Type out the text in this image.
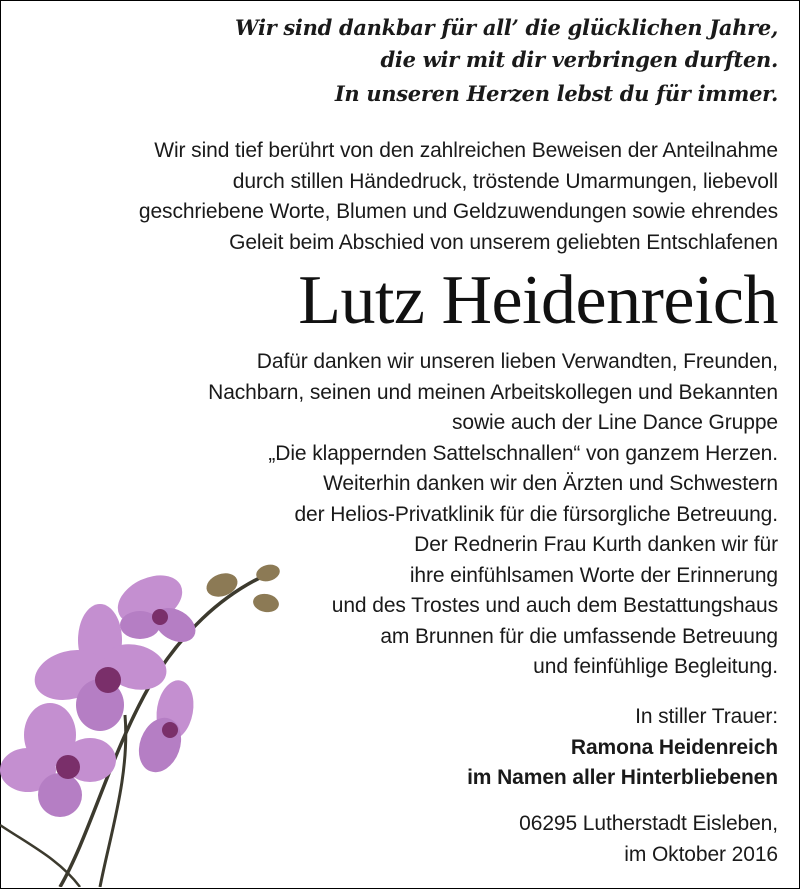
Wir sind dankbar für all’ die glücklichen Jahre,
die wir mit dir verbringen durften.
In unseren Herzen lebst du für immer.
Wir sind tief berührt von den zahlreichen Beweisen der Anteilnahme
durch stillen Händedruck, tröstende Umarmungen, liebevoll
geschriebene Worte, Blumen und Geldzuwendungen sowie ehrendes
Geleit beim Abschied von unserem geliebten Entschlafenen
Lutz Heidenreich
Dafür danken wir unseren lieben Verwandten, Freunden,
Nachbarn, seinen und meinen Arbeitskollegen und Bekannten
sowie auch der Line Dance Gruppe
„Die klappernden Sattelschnallen“ von ganzem Herzen.
Weiterhin danken wir den Ärzten und Schwestern
der Helios-Privatklinik für die fürsorgliche Betreuung.
Der Rednerin Frau Kurth danken wir für
ihre einfühlsamen Worte der Erinnerung
und des Trostes und auch dem Bestattungshaus
am Brunnen für die umfassende Betreuung
und feinfühlige Begleitung.
In stiller Trauer:
Ramona Heidenreich
im Namen aller Hinterbliebenen
06295 Lutherstadt Eisleben,
im Oktober 2016
